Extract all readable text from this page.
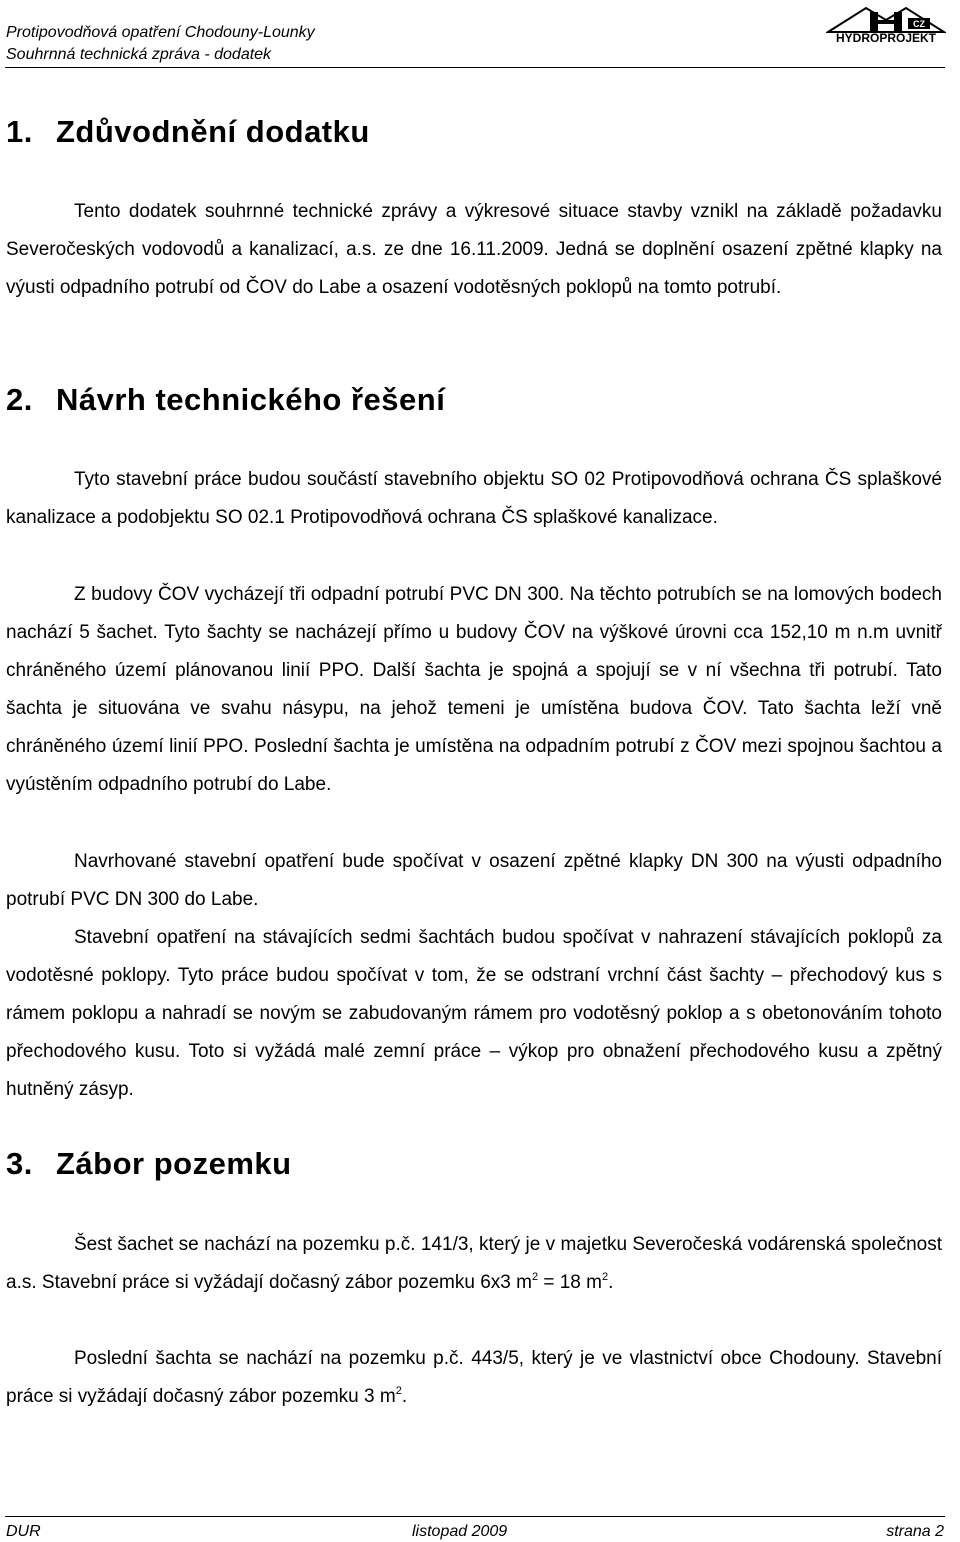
Protipovodňová opatření Chodouny-Lounky
Souhrnná technická zpráva - dodatek
CZ
HYDROPROJEKT
1. Zdůvodnění dodatku
Tento dodatek souhrnné technické zprávy a výkresové situace stavby vznikl na základě požadavku Severočeských vodovodů a kanalizací, a.s. ze dne 16.11.2009. Jedná se doplnění osazení zpětné klapky na výusti odpadního potrubí od ČOV do Labe a osazení vodotěsných poklopů na tomto potrubí.
2. Návrh technického řešení
Tyto stavební práce budou součástí stavebního objektu SO 02 Protipovodňová ochrana ČS splaškové kanalizace a podobjektu SO 02.1 Protipovodňová ochrana ČS splaškové kanalizace.
Z budovy ČOV vycházejí tři odpadní potrubí PVC DN 300. Na těchto potrubích se na lomových bodech nachází 5 šachet. Tyto šachty se nacházejí přímo u budovy ČOV na výškové úrovni cca 152,10 m n.m uvnitř chráněného území plánovanou linií PPO. Další šachta je spojná a spojují se v ní všechna tři potrubí. Tato šachta je situována ve svahu násypu, na jehož temeni je umístěna budova ČOV. Tato šachta leží vně chráněného území linií PPO. Poslední šachta je umístěna na odpadním potrubí z ČOV mezi spojnou šachtou a vyústěním odpadního potrubí do Labe.
Navrhované stavební opatření bude spočívat v osazení zpětné klapky DN 300 na výusti odpadního potrubí PVC DN 300 do Labe.
Stavební opatření na stávajících sedmi šachtách budou spočívat v nahrazení stávajících poklopů za vodotěsné poklopy. Tyto práce budou spočívat v tom, že se odstraní vrchní část šachty – přechodový kus s rámem poklopu a nahradí se novým se zabudovaným rámem pro vodotěsný poklop a s obetonováním tohoto přechodového kusu. Toto si vyžádá malé zemní práce – výkop pro obnažení přechodového kusu a zpětný hutněný zásyp.
3. Zábor pozemku
Šest šachet se nachází na pozemku p.č. 141/3, který je v majetku Severočeská vodárenská společnost a.s. Stavební práce si vyžádají dočasný zábor pozemku 6x3 $m^2 = 18$ $m^2$.
Poslední šachta se nachází na pozemku p.č. 443/5, který je ve vlastnictví obce Chodouny. Stavební práce si vyžádají dočasný zábor pozemku 3 $m^2$.
DUR	listopad 2009	strana 2
